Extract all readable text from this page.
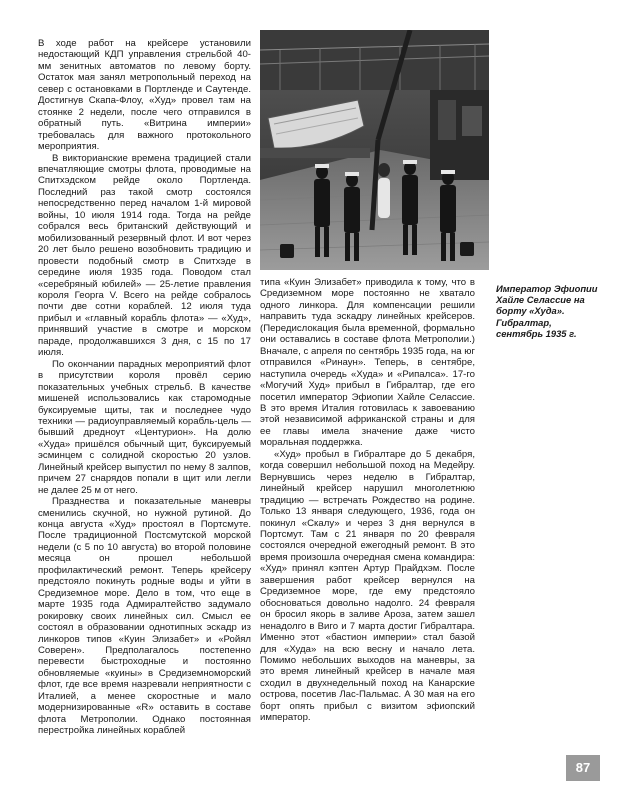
В ходе работ на крейсере установили недостающий КДП управления стрельбой 40-мм зенитных автоматов по левому борту. Остаток мая занял метропольный переход на север с остановками в Портленде и Саутенде. Достигнув Скапа-Флоу, «Худ» провел там на стоянке 2 недели, после чего отправился в обратный путь. «Витрина империи» требовалась для важного протокольного мероприятия.

В викторианские времена традицией стали впечатляющие смотры флота, проводимые на Спитхэдском рейде около Портленда. Последний раз такой смотр состоялся непосредственно перед началом 1-й мировой войны, 10 июля 1914 года. Тогда на рейде собрался весь британский действующий и мобилизованный резервный флот. И вот через 20 лет было решено возобновить традицию и провести подобный смотр в Спитхэде в середине июля 1935 года. Поводом стал «серебряный юбилей» — 25-летие правления короля Георга V. Всего на рейде собралось почти две сотни кораблей. 12 июля туда прибыл и «главный корабль флота» — «Худ», принявший участие в смотре и морском параде, продолжавшихся 3 дня, с 15 по 17 июля.

По окончании парадных мероприятий флот в присутствии короля провёл серию показательных учебных стрельб. В качестве мишеней использовались как старомодные буксируемые щиты, так и последнее чудо техники — радиоуправляемый корабль-цель — бывший дредноут «Центурион». На долю «Худа» пришёлся обычный щит, буксируемый эсминцем с солидной скоростью 20 узлов. Линейный крейсер выпустил по нему 8 залпов, причем 27 снарядов попали в щит или легли не далее 25 м от него.

Празднества и показательные маневры сменились скучной, но нужной рутиной. До конца августа «Худ» простоял в Портсмуте. После традиционной Постсмутской морской недели (с 5 по 10 августа) во второй половине месяца он прошел небольшой профилактический ремонт. Теперь крейсеру предстояло покинуть родные воды и уйти в Средиземное море. Дело в том, что еще в марте 1935 года Адмиралтейство задумало рокировку своих линейных сил. Смысл ее состоял в образовании однотипных эскадр из линкоров типов «Куин Элизабет» и «Ройял Соверен». Предполагалось постепенно перевести быстроходные и постоянно обновляемые «куины» в Средиземноморский флот, где все время назревали неприятности с Италией, а менее скоростные и мало модернизированные «R» оставить в составе флота Метрополии. Однако постоянная перестройка линейных кораблей

Император Эфиопии Хайле Селассие на борту «Худа». Гибралтар, сентябрь 1935 г.

типа «Куин Элизабет» приводила к тому, что в Средиземном море постоянно не хватало одного линкора. Для компенсации решили направить туда эскадру линейных крейсеров. (Передислокация была временной, формально они оставались в составе флота Метрополии.) Вначале, с апреля по сентябрь 1935 года, на юг отправился «Ринаун». Теперь, в сентябре, наступила очередь «Худа» и «Рипалса». 17-го «Могучий Худ» прибыл в Гибралтар, где его посетил император Эфиопии Хайле Селассие. В это время Италия готовилась к завоеванию этой независимой африканской страны и для ее главы имела значение даже чисто моральная поддержка.

«Худ» пробыл в Гибралтаре до 5 декабря, когда совершил небольшой поход на Медейру. Вернувшись через неделю в Гибралтар, линейный крейсер нарушил многолетнюю традицию — встречать Рождество на родине. Только 13 января следующего, 1936, года он покинул «Скалу» и через 3 дня вернулся в Портсмут. Там с 21 января по 20 февраля состоялся очередной ежегодный ремонт. В это время произошла очередная смена командира: «Худ» принял кэптен Артур Прайдхэм. После завершения работ крейсер вернулся на Средиземное море, где ему предстояло обосноваться довольно надолго. 24 февраля он бросил якорь в заливе Ароза, затем зашел ненадолго в Виго и 7 марта достиг Гибралтара. Именно этот «бастион империи» стал базой для «Худа» на всю весну и начало лета. Помимо небольших выходов на маневры, за это время линейный крейсер в начале мая сходил в двухнедельный поход на Канарские острова, посетив Лас-Пальмас. А 30 мая на его борт опять прибыл с визитом эфиопский император.

87
